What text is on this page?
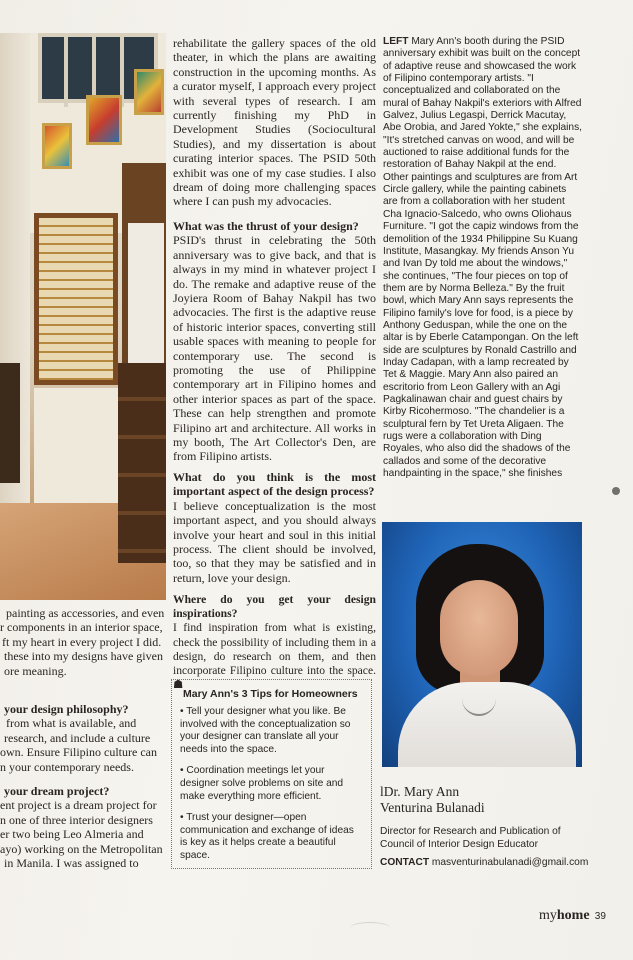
rehabilitate the gallery spaces of the old theater, in which the plans are awaiting construction in the upcoming months. As a curator myself, I approach every project with several types of research. I am currently finishing my PhD in Development Studies (Sociocultural Studies), and my dissertation is about curating interior spaces. The PSID 50th exhibit was one of my case studies. I also dream of doing more challenging spaces where I can push my advocacies.

What was the thrust of your design?

PSID's thrust in celebrating the 50th anniversary was to give back, and that is always in my mind in whatever project I do. The remake and adaptive reuse of the Joyiera Room of Bahay Nakpil has two advocacies. The first is the adaptive reuse of historic interior spaces, converting still usable spaces with meaning to people for contemporary use. The second is promoting the use of Philippine contemporary art in Filipino homes and other interior spaces as part of the space. These can help strengthen and promote Filipino art and architecture. All works in my booth, The Art Collector's Den, are from Filipino artists.

What do you think is the most important aspect of the design process?

I believe conceptualization is the most important aspect, and you should always involve your heart and soul in this initial process. The client should be involved, too, so that they may be satisfied and in return, love your design.

Where do you get your design inspirations?

I find inspiration from what is existing, check the possibility of including them in a design, do research on them, and then incorporate Filipino culture into the space. ☗

painting as accessories, and even
r components in an interior space,
ft my heart in every project I did.
these into my designs have given
ore meaning.
your design philosophy?
from what is available, and
research, and include a culture
own. Ensure Filipino culture can
n your contemporary needs.
your dream project?
ent project is a dream project for
n one of three interior designers
er two being Leo Almeria and
ayo) working on the Metropolitan
in Manila. I was assigned to
Mary Ann's 3 Tips for Homeowners

• Tell your designer what you like. Be involved with the conceptualization so your designer can translate all your needs into the space.

• Coordination meetings let your designer solve problems on site and make everything more efficient.

• Trust your designer—open communication and exchange of ideas is key as it helps create a beautiful space.

LEFT Mary Ann's booth during the PSID anniversary exhibit was built on the concept of adaptive reuse and showcased the work of Filipino contemporary artists. "I conceptualized and collaborated on the mural of Bahay Nakpil's exteriors with Alfred Galvez, Julius Legaspi, Derrick Macutay, Abe Orobia, and Jared Yokte," she explains, "It's stretched canvas on wood, and will be auctioned to raise additional funds for the restoration of Bahay Nakpil at the end. Other paintings and sculptures are from Art Circle gallery, while the painting cabinets are from a collaboration with her student Cha Ignacio-Salcedo, who owns Oliohaus Furniture. "I got the capiz windows from the demolition of the 1934 Philippine Su Kuang Institute, Masangkay. My friends Anson Yu and Ivan Dy told me about the windows," she continues, "The four pieces on top of them are by Norma Belleza." By the fruit bowl, which Mary Ann says represents the Filipino family's love for food, is a piece by Anthony Geduspan, while the one on the altar is by Eberle Catampongan. On the left side are sculptures by Ronald Castrillo and Inday Cadapan, with a lamp recreated by Tet & Maggie. Mary Ann also paired an escritorio from Leon Gallery with an Agi Pagkalinawan chair and guest chairs by Kirby Ricohermoso. "The chandelier is a sculptural fern by Tet Ureta Aligaen. The rugs were a collaboration with Ding Royales, who also did the shadows of the callados and some of the decorative handpainting in the space," she finishes
lDr. Mary Ann
Venturina Bulanadi
Director for Research and Publication of Council of Interior Design Educator
CONTACT masventurinabulanadi@gmail.com
myhome 39
